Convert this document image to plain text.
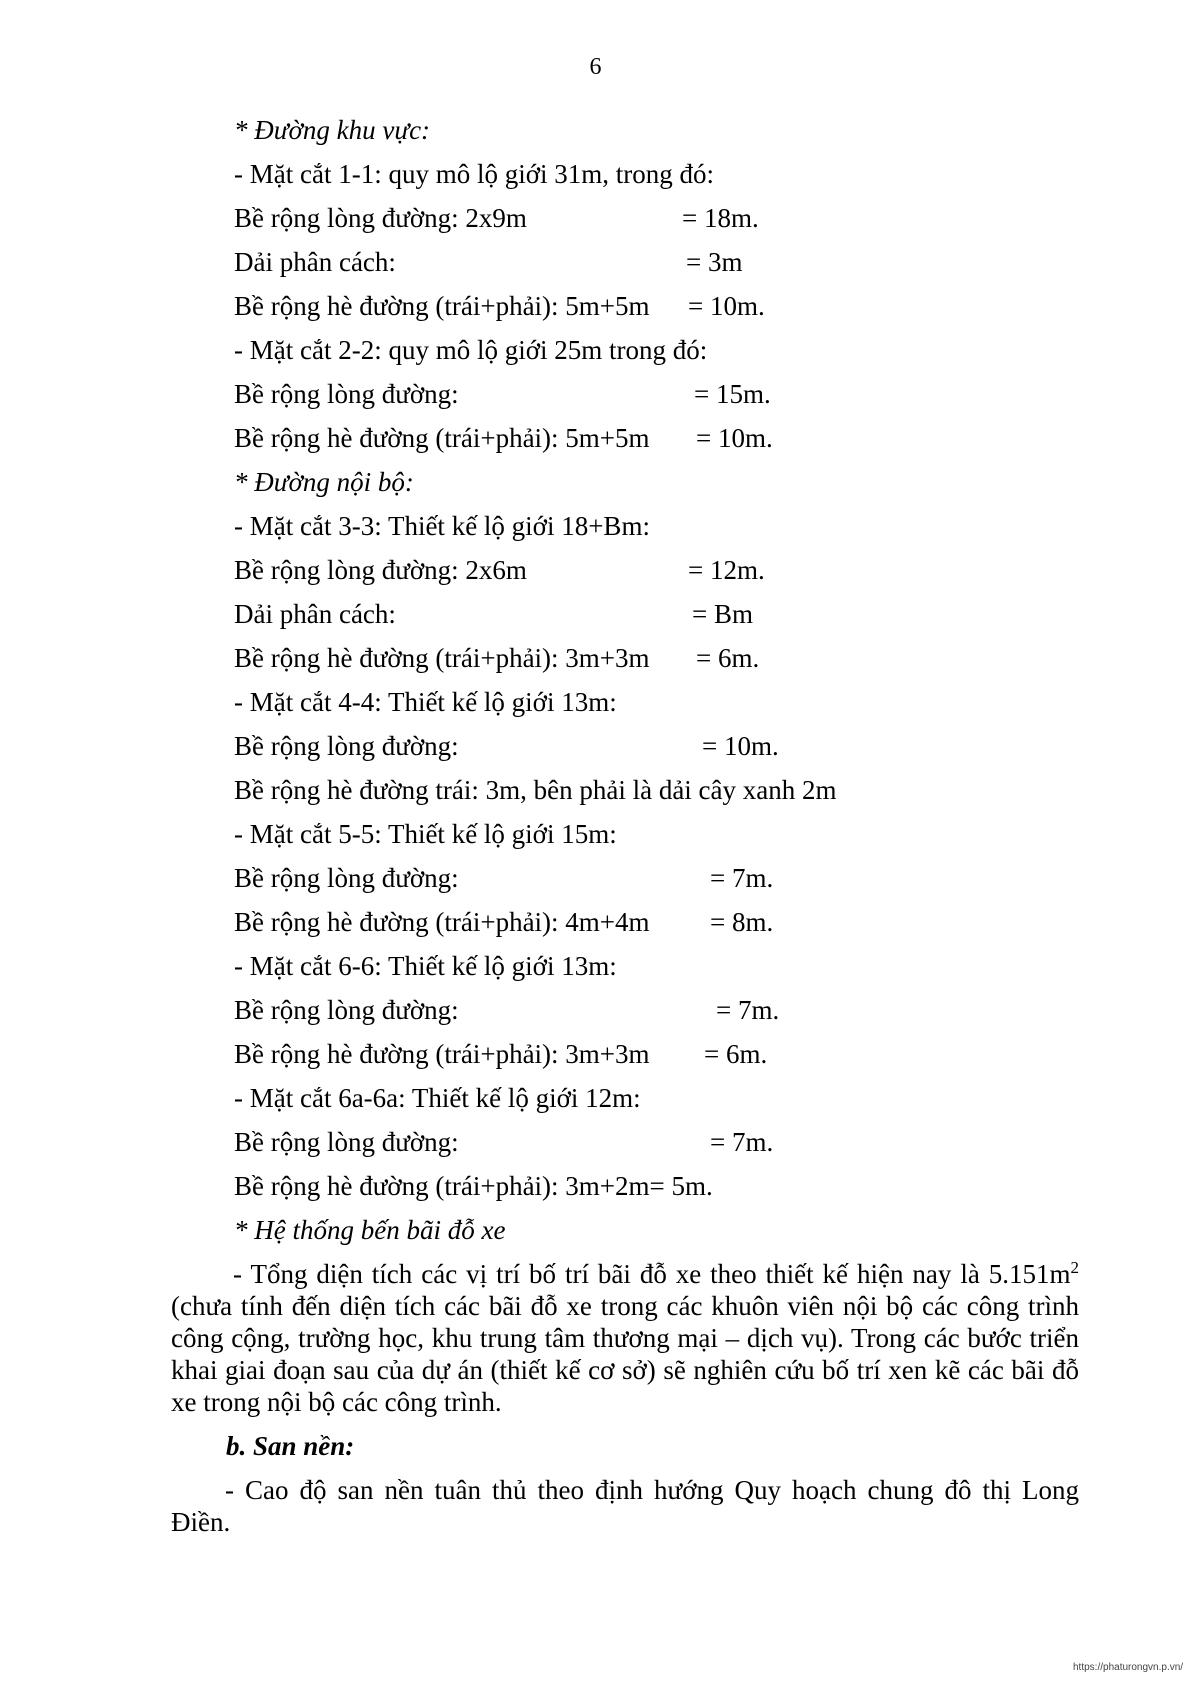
6
* Đường khu vực:
- Mặt cắt 1-1: quy mô lộ giới 31m, trong đó:
Bề rộng lòng đường: 2x9m	= 18m.
Dải phân cách:	= 3m
Bề rộng hè đường (trái+phải): 5m+5m = 10m.
- Mặt cắt 2-2: quy mô lộ giới 25m trong đó:
Bề rộng lòng đường:	= 15m.
Bề rộng hè đường (trái+phải): 5m+5m = 10m.
* Đường nội bộ:
- Mặt cắt 3-3: Thiết kế lộ giới 18+Bm:
Bề rộng lòng đường: 2x6m	= 12m.
Dải phân cách:	= Bm
Bề rộng hè đường (trái+phải): 3m+3m = 6m.
- Mặt cắt 4-4: Thiết kế lộ giới 13m:
Bề rộng lòng đường:	= 10m.
Bề rộng hè đường trái: 3m, bên phải là dải cây xanh 2m
- Mặt cắt 5-5: Thiết kế lộ giới 15m:
Bề rộng lòng đường:	= 7m.
Bề rộng hè đường (trái+phải): 4m+4m = 8m.
- Mặt cắt 6-6: Thiết kế lộ giới 13m:
Bề rộng lòng đường:	= 7m.
Bề rộng hè đường (trái+phải): 3m+3m = 6m.
- Mặt cắt 6a-6a: Thiết kế lộ giới 12m:
Bề rộng lòng đường:	= 7m.
Bề rộng hè đường (trái+phải): 3m+2m= 5m.
* Hệ thống bến bãi đỗ xe
- Tổng diện tích các vị trí bố trí bãi đỗ xe theo thiết kế hiện nay là $5.151m^2$ (chưa tính đến diện tích các bãi đỗ xe trong các khuôn viên nội bộ các công trình công cộng, trường học, khu trung tâm thương mại – dịch vụ). Trong các bước triển khai giai đoạn sau của dự án (thiết kế cơ sở) sẽ nghiên cứu bố trí xen kẽ các bãi đỗ xe trong nội bộ các công trình.
b. San nền:
- Cao độ san nền tuân thủ theo định hướng Quy hoạch chung đô thị Long Điền.
https://phaturongvn.p.vn/
